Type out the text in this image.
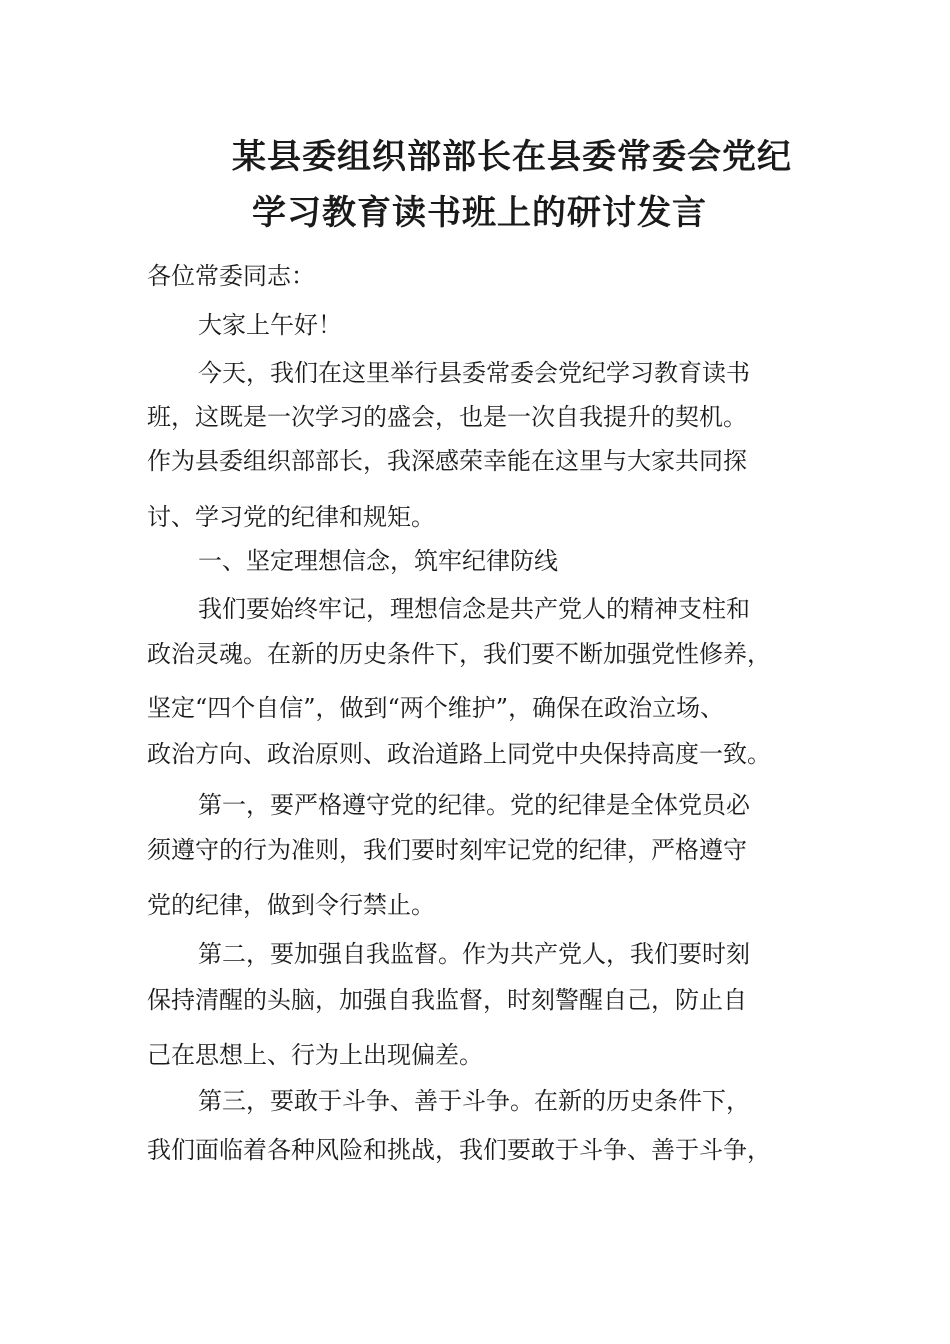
某县委组织部部长在县委常委会党纪
学习教育读书班上的研讨发言
各位常委同志：
大家上午好！
今天，我们在这里举行县委常委会党纪学习教育读书
班，这既是一次学习的盛会，也是一次自我提升的契机。
作为县委组织部部长，我深感荣幸能在这里与大家共同探
讨、学习党的纪律和规矩。
一、坚定理想信念，筑牢纪律防线
我们要始终牢记，理想信念是共产党人的精神支柱和
政治灵魂。在新的历史条件下，我们要不断加强党性修养，
坚定“四个自信”，做到“两个维护”，确保在政治立场、
政治方向、政治原则、政治道路上同党中央保持高度一致。
第一，要严格遵守党的纪律。党的纪律是全体党员必
须遵守的行为准则，我们要时刻牢记党的纪律，严格遵守
党的纪律，做到令行禁止。
第二，要加强自我监督。作为共产党人，我们要时刻
保持清醒的头脑，加强自我监督，时刻警醒自己，防止自
己在思想上、行为上出现偏差。
第三，要敢于斗争、善于斗争。在新的历史条件下，
我们面临着各种风险和挑战，我们要敢于斗争、善于斗争，
